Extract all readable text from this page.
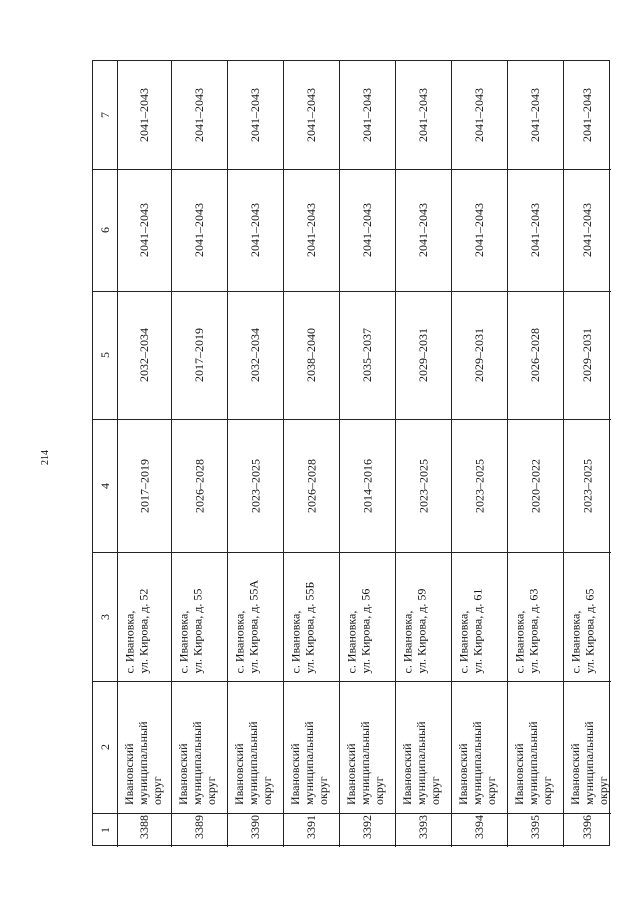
214
1
2
3
4
5
6
7
3388
Ивановский
муниципальный
округ
с. Ивановка,
ул. Кирова, д. 52
2017–2019
2032–2034
2041–2043
2041–2043
3389
Ивановский
муниципальный
округ
с. Ивановка,
ул. Кирова, д. 55
2026–2028
2017–2019
2041–2043
2041–2043
3390
Ивановский
муниципальный
округ
с. Ивановка,
ул. Кирова, д. 55А
2023–2025
2032–2034
2041–2043
2041–2043
3391
Ивановский
муниципальный
округ
с. Ивановка,
ул. Кирова, д. 55Б
2026–2028
2038–2040
2041–2043
2041–2043
3392
Ивановский
муниципальный
округ
с. Ивановка,
ул. Кирова, д. 56
2014–2016
2035–2037
2041–2043
2041–2043
3393
Ивановский
муниципальный
округ
с. Ивановка,
ул. Кирова, д. 59
2023–2025
2029–2031
2041–2043
2041–2043
3394
Ивановский
муниципальный
округ
с. Ивановка,
ул. Кирова, д. 61
2023–2025
2029–2031
2041–2043
2041–2043
3395
Ивановский
муниципальный
округ
с. Ивановка,
ул. Кирова, д. 63
2020–2022
2026–2028
2041–2043
2041–2043
3396
Ивановский
муниципальный
округ
с. Ивановка,
ул. Кирова, д. 65
2023–2025
2029–2031
2041–2043
2041–2043
